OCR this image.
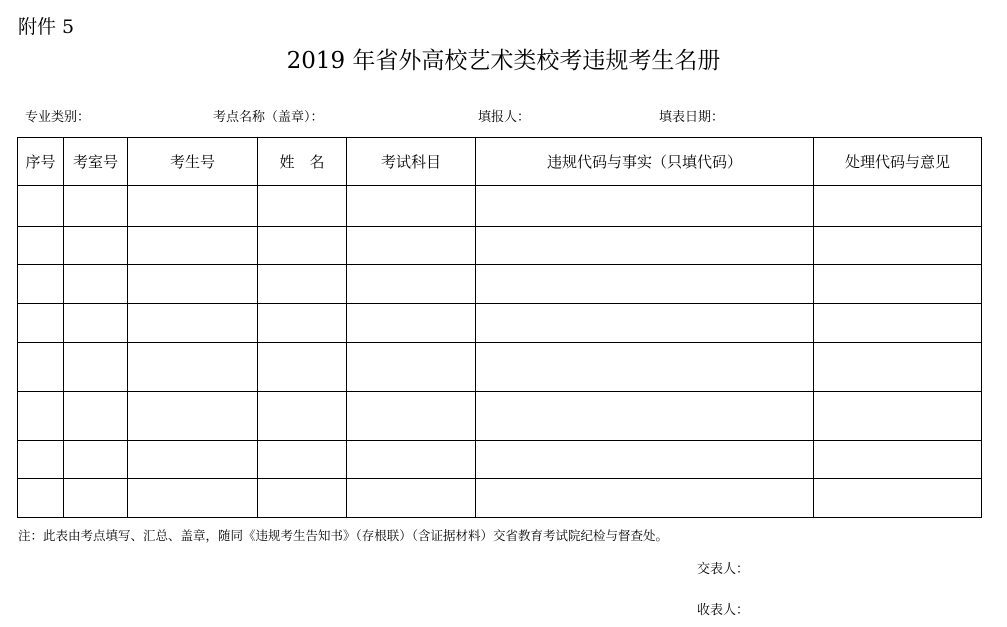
附件 5
2019 年省外高校艺术类校考违规考生名册
专业类别：	考点名称（盖章）：	填报人：	填表日期：
序号	考室号	考生号	姓　名	考试科目	违规代码与事实（只填代码）	处理代码与意见

注：此表由考点填写、汇总、盖章，随同《违规考生告知书》（存根联）（含证据材料）交省教育考试院纪检与督查处。
交表人：
收表人：
